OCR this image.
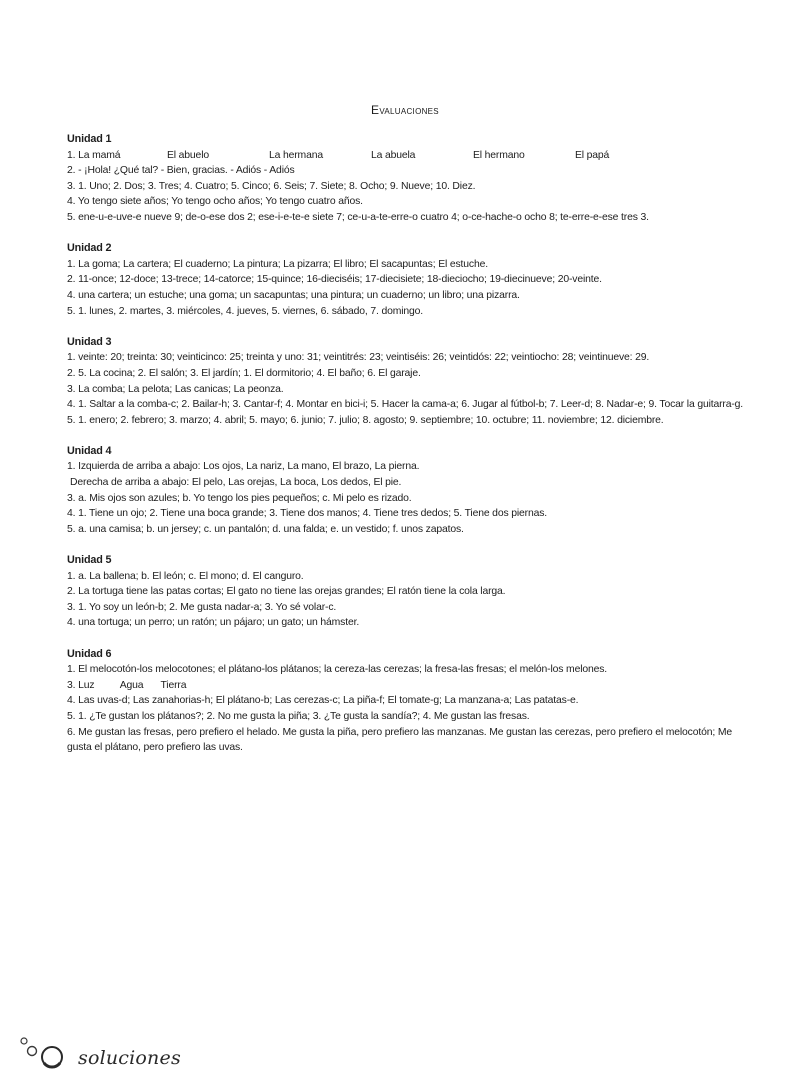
Evaluaciones
Unidad 1
1. La mamá	El abuelo	La hermana	La abuela	El hermano	El papá

2. - ¡Hola! ¿Qué tal? - Bien, gracias. - Adiós - Adiós

3. 1. Uno; 2. Dos; 3. Tres; 4. Cuatro; 5. Cinco; 6. Seis; 7. Siete; 8. Ocho; 9. Nueve; 10. Diez.

4. Yo tengo siete años; Yo tengo ocho años; Yo tengo cuatro años.

5. ene-u-e-uve-e nueve 9; de-o-ese dos 2; ese-i-e-te-e siete 7; ce-u-a-te-erre-o cuatro 4; o-ce-hache-o ocho 8; te-erre-e-ese tres 3.

Unidad 2

1. La goma; La cartera; El cuaderno; La pintura; La pizarra; El libro; El sacapuntas; El estuche.

2. 11-once; 12-doce; 13-trece; 14-catorce; 15-quince; 16-dieciséis; 17-diecisiete; 18-dieciocho; 19-diecinueve; 20-veinte.

4. una cartera; un estuche; una goma; un sacapuntas; una pintura; un cuaderno; un libro; una pizarra.

5. 1. lunes, 2. martes, 3. miércoles, 4. jueves, 5. viernes, 6. sábado, 7. domingo.

Unidad 3

1. veinte: 20; treinta: 30; veinticinco: 25; treinta y uno: 31; veintitrés: 23; veintiséis: 26; veintidós: 22; veintiocho: 28; veintinueve: 29.

2. 5. La cocina; 2. El salón; 3. El jardín; 1. El dormitorio; 4. El baño; 6. El garaje.

3. La comba; La pelota; Las canicas; La peonza.

4. 1. Saltar a la comba-c; 2. Bailar-h; 3. Cantar-f; 4. Montar en bici-i; 5. Hacer la cama-a; 6. Jugar al fútbol-b; 7. Leer-d; 8. Nadar-e; 9. Tocar la guitarra-g.

5. 1. enero; 2. febrero; 3. marzo; 4. abril; 5. mayo; 6. junio; 7. julio; 8. agosto; 9. septiembre; 10. octubre; 11. noviembre; 12. diciembre.

Unidad 4

1. Izquierda de arriba a abajo: Los ojos, La nariz, La mano, El brazo, La pierna.

Derecha de arriba a abajo: El pelo, Las orejas, La boca, Los dedos, El pie.

3. a. Mis ojos son azules; b. Yo tengo los pies pequeños; c. Mi pelo es rizado.

4. 1. Tiene un ojo; 2. Tiene una boca grande; 3. Tiene dos manos; 4. Tiene tres dedos; 5. Tiene dos piernas.

5. a. una camisa; b. un jersey; c. un pantalón; d. una falda; e. un vestido; f. unos zapatos.

Unidad 5

1. a. La ballena; b. El león; c. El mono; d. El canguro.

2. La tortuga tiene las patas cortas; El gato no tiene las orejas grandes; El ratón tiene la cola larga.

3. 1. Yo soy un león-b; 2. Me gusta nadar-a; 3. Yo sé volar-c.

4. una tortuga; un perro; un ratón; un pájaro; un gato; un hámster.

Unidad 6

1. El melocotón-los melocotones; el plátano-los plátanos; la cereza-las cerezas; la fresa-las fresas; el melón-los melones.

3. Luz Agua Tierra

4. Las uvas-d; Las zanahorias-h; El plátano-b; Las cerezas-c; La piña-f; El tomate-g; La manzana-a; Las patatas-e.

5. 1. ¿Te gustan los plátanos?; 2. No me gusta la piña; 3. ¿Te gusta la sandía?; 4. Me gustan las fresas.

6. Me gustan las fresas, pero prefiero el helado. Me gusta la piña, pero prefiero las manzanas. Me gustan las cerezas, pero prefiero el melocotón; Me gusta el plátano, pero prefiero las uvas.

soluciones
